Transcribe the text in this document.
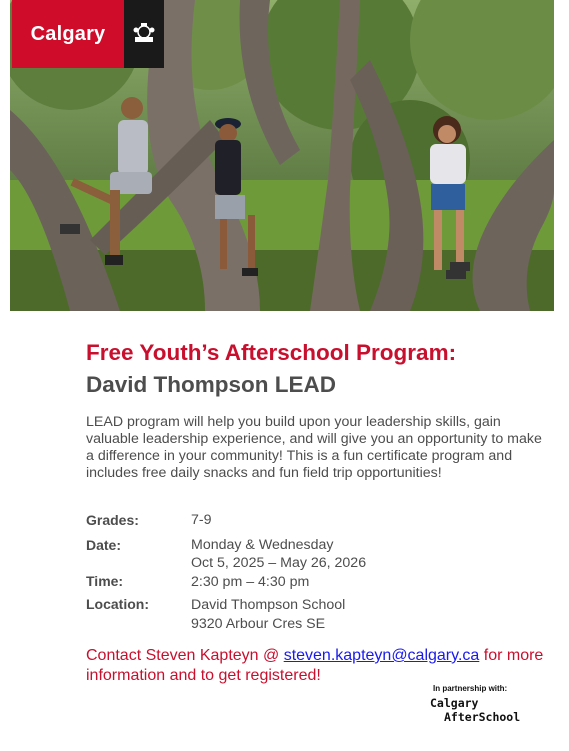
Calgary
Free Youth’s Afterschool Program:
David Thompson LEAD

LEAD program will help you build upon your leadership skills, gain valuable leadership experience, and will give you an opportunity to make a difference in your community! This is a fun certificate program and includes free daily snacks and fun field trip opportunities!

Grades:	7-9
Date:	Monday & Wednesday
Oct 5, 2025 – May 26, 2026
Time:	2:30 pm – 4:30 pm
Location:	David Thompson School
9320 Arbour Cres SE

Contact Steven Kapteyn @ steven.kapteyn@calgary.ca for more information and to get registered!

In partnership with:
Calgary
AfterSchool
